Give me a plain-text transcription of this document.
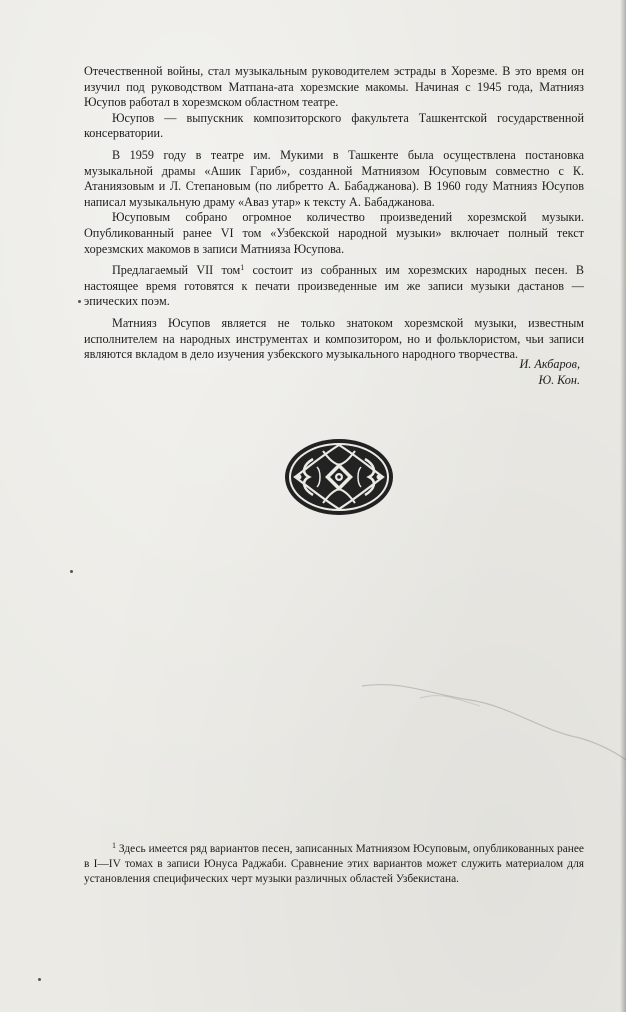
Отечественной войны, стал музыкальным руководителем эстрады в Хорезме. В это время он изучил под руководством Матпана-ата хорезмские макомы. Начиная с 1945 года, Матнияз Юсупов работал в хорезмском областном театре.

Юсупов — выпускник композиторского факультета Ташкентской государственной консерватории.

В 1959 году в театре им. Мукими в Ташкенте была осуществлена постановка музыкальной драмы «Ашик Гариб», созданной Матниязом Юсуповым совместно с К. Атаниязовым и Л. Степановым (по либретто А. Бабаджанова). В 1960 году Матнияз Юсупов написал музыкальную драму «Аваз утар» к тексту А. Бабаджанова.

Юсуповым собрано огромное количество произведений хорезмской музыки. Опубликованный ранее VI том «Узбекской народной музыки» включает полный текст хорезмских макомов в записи Матнияза Юсупова.

Предлагаемый VII том$^1$ состоит из собранных им хорезмских народных песен. В настоящее время готовятся к печати произведенные им же записи музыки дастанов — эпических поэм.

Матнияз Юсупов является не только знатоком хорезмской музыки, известным исполнителем на народных инструментах и композитором, но и фольклористом, чьи записи являются вкладом в дело изучения узбекского музыкального народного творчества.

И. Акбаров,
Ю. Кон.

$^1$ Здесь имеется ряд вариантов песен, записанных Матниязом Юсуповым, опубликованных ранее в I—IV томах в записи Юнуса Раджаби. Сравнение этих вариантов может служить материалом для установления специфических черт музыки различных областей Узбекистана.
